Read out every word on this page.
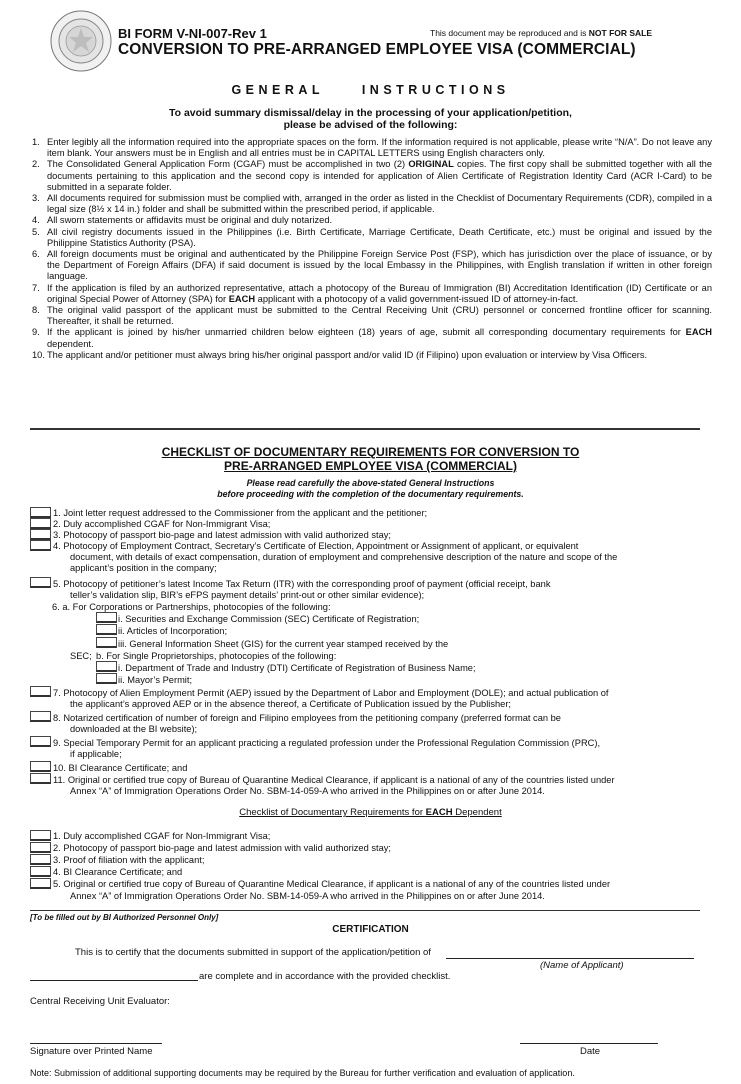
BI FORM V-NI-007-Rev 1
CONVERSION TO PRE-ARRANGED EMPLOYEE VISA (COMMERCIAL)
This document may be reproduced and is NOT FOR SALE
GENERAL	INSTRUCTIONS
To avoid summary dismissal/delay in the processing of your application/petition,
please be advised of the following:
1. Enter legibly all the information required into the appropriate spaces on the form. If the information required is not applicable, please write “N/A”. Do not leave any item blank. Your answers must be in English and all entries must be in CAPITAL LETTERS using English characters only.
2. The Consolidated General Application Form (CGAF) must be accomplished in two (2) ORIGINAL copies. The first copy shall be submitted together with all the documents pertaining to this application and the second copy is intended for application of Alien Certificate of Registration Identity Card (ACR I-Card) to be submitted in a separate folder.
3. All documents required for submission must be complied with, arranged in the order as listed in the Checklist of Documentary Requirements (CDR), compiled in a legal size (8½ x 14 in.) folder and shall be submitted within the prescribed period, if applicable.
4. All sworn statements or affidavits must be original and duly notarized.
5. All civil registry documents issued in the Philippines (i.e. Birth Certificate, Marriage Certificate, Death Certificate, etc.) must be original and issued by the Philippine Statistics Authority (PSA).
6. All foreign documents must be original and authenticated by the Philippine Foreign Service Post (FSP), which has jurisdiction over the place of issuance, or by the Department of Foreign Affairs (DFA) if said document is issued by the local Embassy in the Philippines, with English translation if written in other foreign language.
7. If the application is filed by an authorized representative, attach a photocopy of the Bureau of Immigration (BI) Accreditation Identification (ID) Certificate or an original Special Power of Attorney (SPA) for EACH applicant with a photocopy of a valid government-issued ID of attorney-in-fact.
8. The original valid passport of the applicant must be submitted to the Central Receiving Unit (CRU) personnel or concerned frontline officer for scanning. Thereafter, it shall be returned.
9. If the applicant is joined by his/her unmarried children below eighteen (18) years of age, submit all corresponding documentary requirements for EACH dependent.
10. The applicant and/or petitioner must always bring his/her original passport and/or valid ID (if Filipino) upon evaluation or interview by Visa Officers.
CHECKLIST OF DOCUMENTARY REQUIREMENTS FOR CONVERSION TO
PRE-ARRANGED EMPLOYEE VISA (COMMERCIAL)
Please read carefully the above-stated General Instructions
before proceeding with the completion of the documentary requirements.
1. Joint letter request addressed to the Commissioner from the applicant and the petitioner;
2. Duly accomplished CGAF for Non-Immigrant Visa;
3. Photocopy of passport bio-page and latest admission with valid authorized stay;
4. Photocopy of Employment Contract, Secretary’s Certificate of Election, Appointment or Assignment of applicant, or equivalent
document, with details of exact compensation, duration of employment and comprehensive description of the nature and scope of the
applicant’s position in the company;
5. Photocopy of petitioner’s latest Income Tax Return (ITR) with the corresponding proof of payment (official receipt, bank
teller’s validation slip, BIR’s eFPS payment details’ print-out or other similar evidence);
6. a. For Corporations or Partnerships, photocopies of the following:
i. Securities and Exchange Commission (SEC) Certificate of Registration;
ii. Articles of Incorporation;
iii. General Information Sheet (GIS) for the current year stamped received by the
SEC; b. For Single Proprietorships, photocopies of the following:
i. Department of Trade and Industry (DTI) Certificate of Registration of Business Name;
ii. Mayor’s Permit;
7. Photocopy of Alien Employment Permit (AEP) issued by the Department of Labor and Employment (DOLE); and actual publication of
the applicant’s approved AEP or in the absence thereof, a Certificate of Publication issued by the Publisher;
8. Notarized certification of number of foreign and Filipino employees from the petitioning company (preferred format can be
downloaded at the BI website);
9. Special Temporary Permit for an applicant practicing a regulated profession under the Professional Regulation Commission (PRC),
if applicable;
10. BI Clearance Certificate; and
11. Original or certified true copy of Bureau of Quarantine Medical Clearance, if applicant is a national of any of the countries listed under
Annex “A” of Immigration Operations Order No. SBM-14-059-A who arrived in the Philippines on or after June 2014.
Checklist of Documentary Requirements for EACH Dependent
1. Duly accomplished CGAF for Non-Immigrant Visa;
2. Photocopy of passport bio-page and latest admission with valid authorized stay;
3. Proof of filiation with the applicant;
4. BI Clearance Certificate; and
5. Original or certified true copy of Bureau of Quarantine Medical Clearance, if applicant is a national of any of the countries listed under
Annex “A” of Immigration Operations Order No. SBM-14-059-A who arrived in the Philippines on or after June 2014.
[To be filled out by BI Authorized Personnel Only]
CERTIFICATION
This is to certify that the documents submitted in support of the application/petition of
(Name of Applicant)
are complete and in accordance with the provided checklist.
Central Receiving Unit Evaluator:
Signature over Printed Name	Date
Note: Submission of additional supporting documents may be required by the Bureau for further verification and evaluation of application.
